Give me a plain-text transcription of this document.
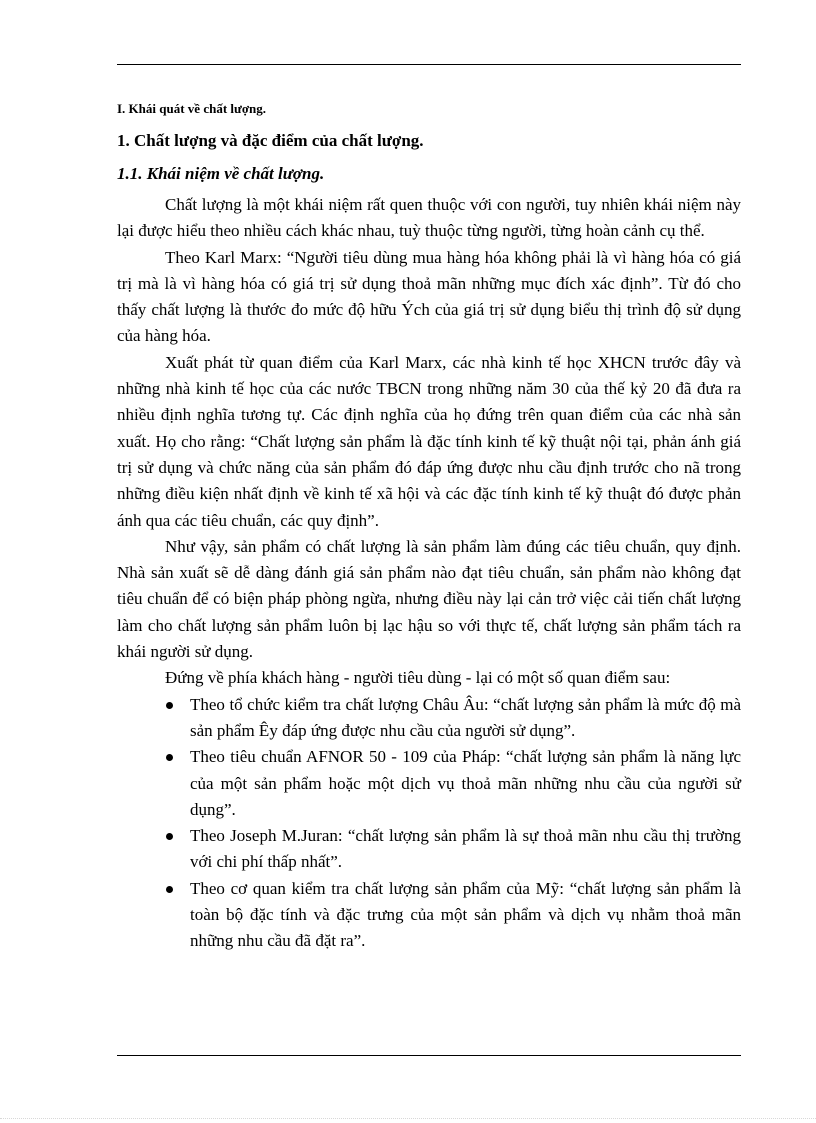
I. Khái quát về chất lượng.
1. Chất lượng và đặc điểm của chất lượng.
1.1. Khái niệm về chất lượng.

Chất lượng là một khái niệm rất quen thuộc với con người, tuy nhiên khái niệm này lại được hiểu theo nhiều cách khác nhau, tuỳ thuộc từng người, từng hoàn cảnh cụ thể.

Theo Karl Marx: “Người tiêu dùng mua hàng hóa không phải là vì hàng hóa có giá trị mà là vì hàng hóa có giá trị sử dụng thoả mãn những mục đích xác định”. Từ đó cho thấy chất lượng là thước đo mức độ hữu Ých của giá trị sử dụng biểu thị trình độ sử dụng của hàng hóa.

Xuất phát từ quan điểm của Karl Marx, các nhà kinh tế học XHCN trước đây và những nhà kinh tế học của các nước TBCN trong những năm 30 của thế kỷ 20 đã đưa ra nhiều định nghĩa tương tự. Các định nghĩa của họ đứng trên quan điểm của các nhà sản xuất. Họ cho rằng: “Chất lượng sản phẩm là đặc tính kinh tế kỹ thuật nội tại, phản ánh giá trị sử dụng và chức năng của sản phẩm đó đáp ứng được nhu cầu định trước cho nã trong những điều kiện nhất định về kinh tế xã hội và các đặc tính kinh tế kỹ thuật đó được phản ánh qua các tiêu chuẩn, các quy định”.

Như vậy, sản phẩm có chất lượng là sản phẩm làm đúng các tiêu chuẩn, quy định. Nhà sản xuất sẽ dễ dàng đánh giá sản phẩm nào đạt tiêu chuẩn, sản phẩm nào không đạt tiêu chuẩn để có biện pháp phòng ngừa, nhưng điều này lại cản trở việc cải tiến chất lượng làm cho chất lượng sản phẩm luôn bị lạc hậu so với thực tế, chất lượng sản phẩm tách ra khái người sử dụng.

Đứng về phía khách hàng - người tiêu dùng - lại có một số quan điểm sau:

Theo tổ chức kiểm tra chất lượng Châu Âu: “chất lượng sản phẩm là mức độ mà sản phẩm Êy đáp ứng được nhu cầu của người sử dụng”.
Theo tiêu chuẩn AFNOR 50 - 109 của Pháp: “chất lượng sản phẩm là năng lực của một sản phẩm hoặc một dịch vụ thoả mãn những nhu cầu của người sử dụng”.
Theo Joseph M.Juran: “chất lượng sản phẩm là sự thoả mãn nhu cầu thị trường với chi phí thấp nhất”.
Theo cơ quan kiểm tra chất lượng sản phẩm của Mỹ: “chất lượng sản phẩm là toàn bộ đặc tính và đặc trưng của một sản phẩm và dịch vụ nhằm thoả mãn những nhu cầu đã đặt ra”.
